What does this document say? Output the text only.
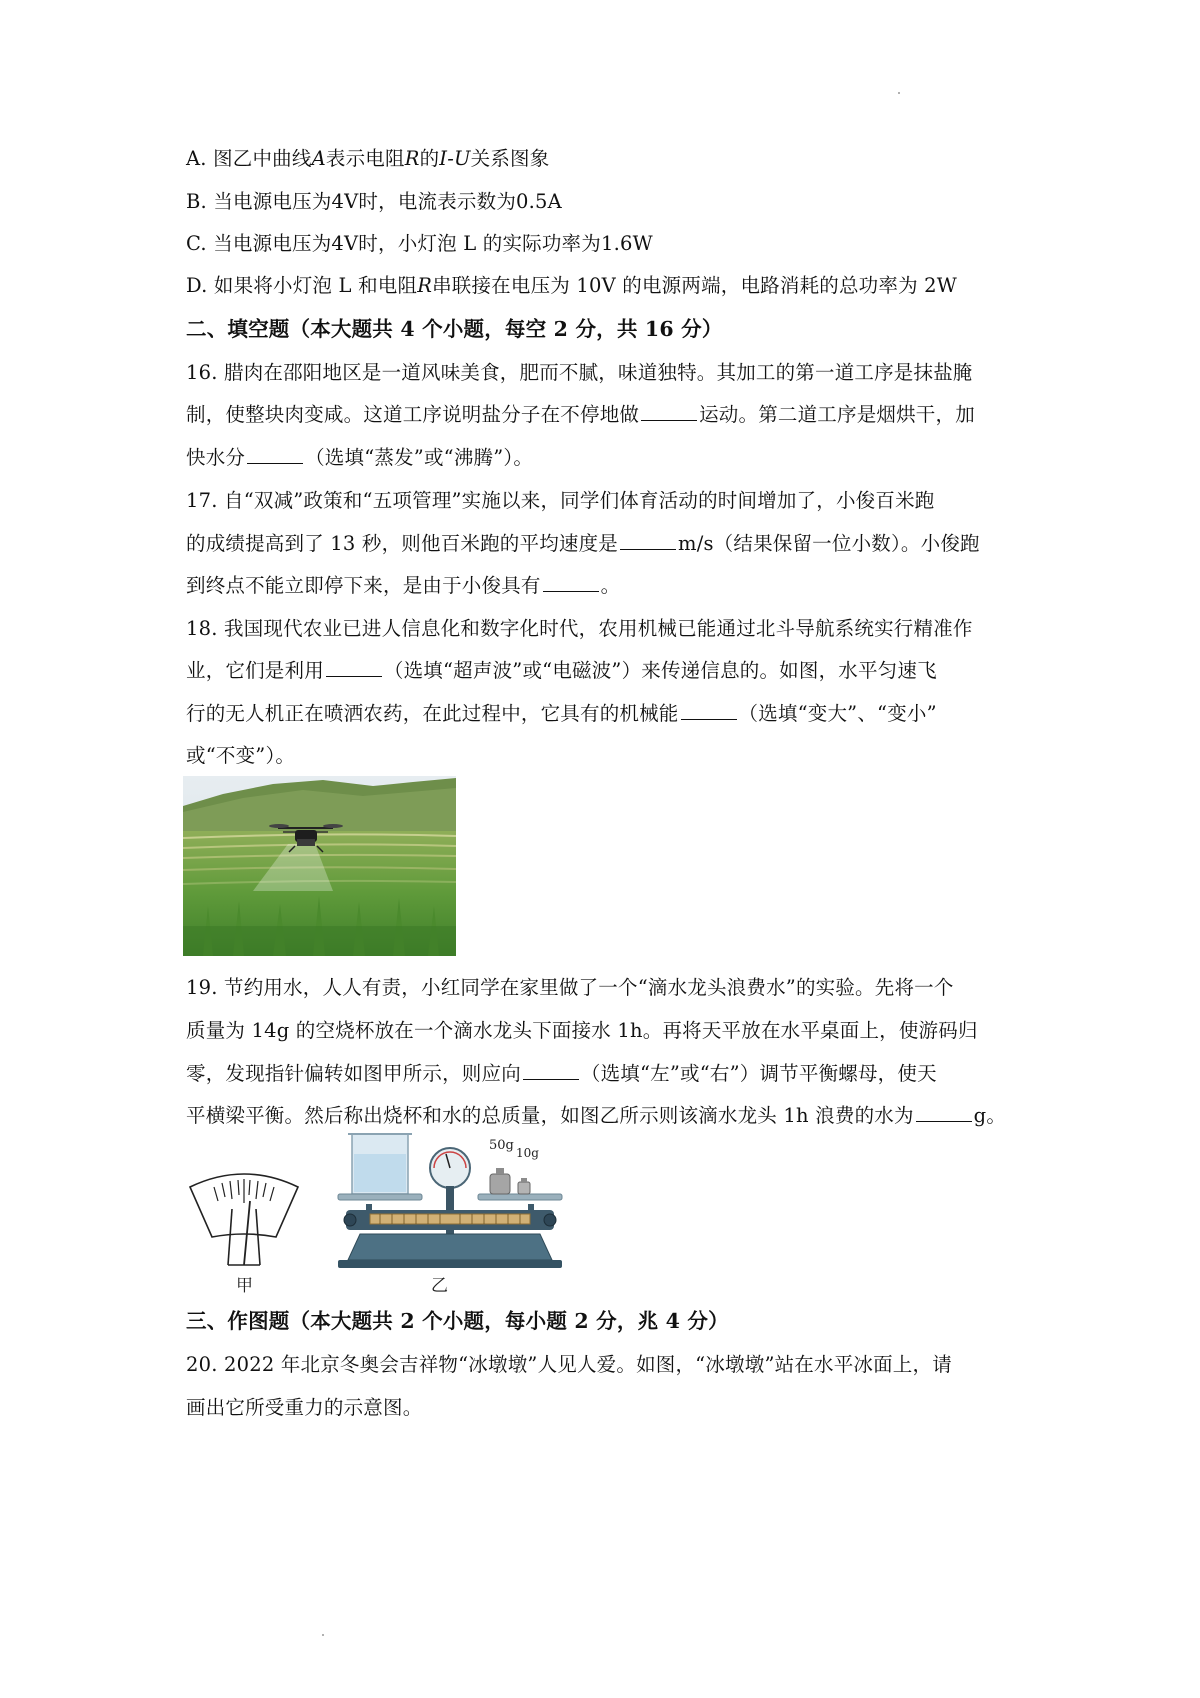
A. 图乙中曲线A表示电阻R的I-U关系图象
B. 当电源电压为4V时，电流表示数为0.5A
C. 当电源电压为4V时，小灯泡 L 的实际功率为1.6W
D. 如果将小灯泡 L 和电阻R串联接在电压为 10V 的电源两端，电路消耗的总功率为 2W
二、填空题（本大题共 4 个小题，每空 2 分，共 16 分）
16. 腊肉在邵阳地区是一道风味美食，肥而不腻，味道独特。其加工的第一道工序是抹盐腌
制，使整块肉变咸。这道工序说明盐分子在不停地做	运动。第二道工序是烟烘干，加
快水分	（选填“蒸发”或“沸腾”）。
17. 自“双减”政策和“五项管理”实施以来，同学们体育活动的时间增加了，小俊百米跑
的成绩提高到了 13 秒，则他百米跑的平均速度是	m/s（结果保留一位小数）。小俊跑
到终点不能立即停下来，是由于小俊具有	。
18. 我国现代农业已进人信息化和数字化时代，农用机械已能通过北斗导航系统实行精准作
业，它们是利用	（选填“超声波”或“电磁波”）来传递信息的。如图，水平匀速飞
行的无人机正在喷洒农药，在此过程中，它具有的机械能	（选填“变大”、“变小”
或“不变”）。
19. 节约用水，人人有责，小红同学在家里做了一个“滴水龙头浪费水”的实验。先将一个
质量为 14g 的空烧杯放在一个滴水龙头下面接水 1h。再将天平放在水平桌面上，使游码归
零，发现指针偏转如图甲所示，则应向	（选填“左”或“右”）调节平衡螺母，使天
平横梁平衡。然后称出烧杯和水的总质量，如图乙所示则该滴水龙头 1h 浪费的水为	g。
甲
50g 10g
乙
三、作图题（本大题共 2 个小题，每小题 2 分，兆 4 分）
20. 2022 年北京冬奥会吉祥物“冰墩墩”人见人爱。如图，“冰墩墩”站在水平冰面上，请
画出它所受重力的示意图。
